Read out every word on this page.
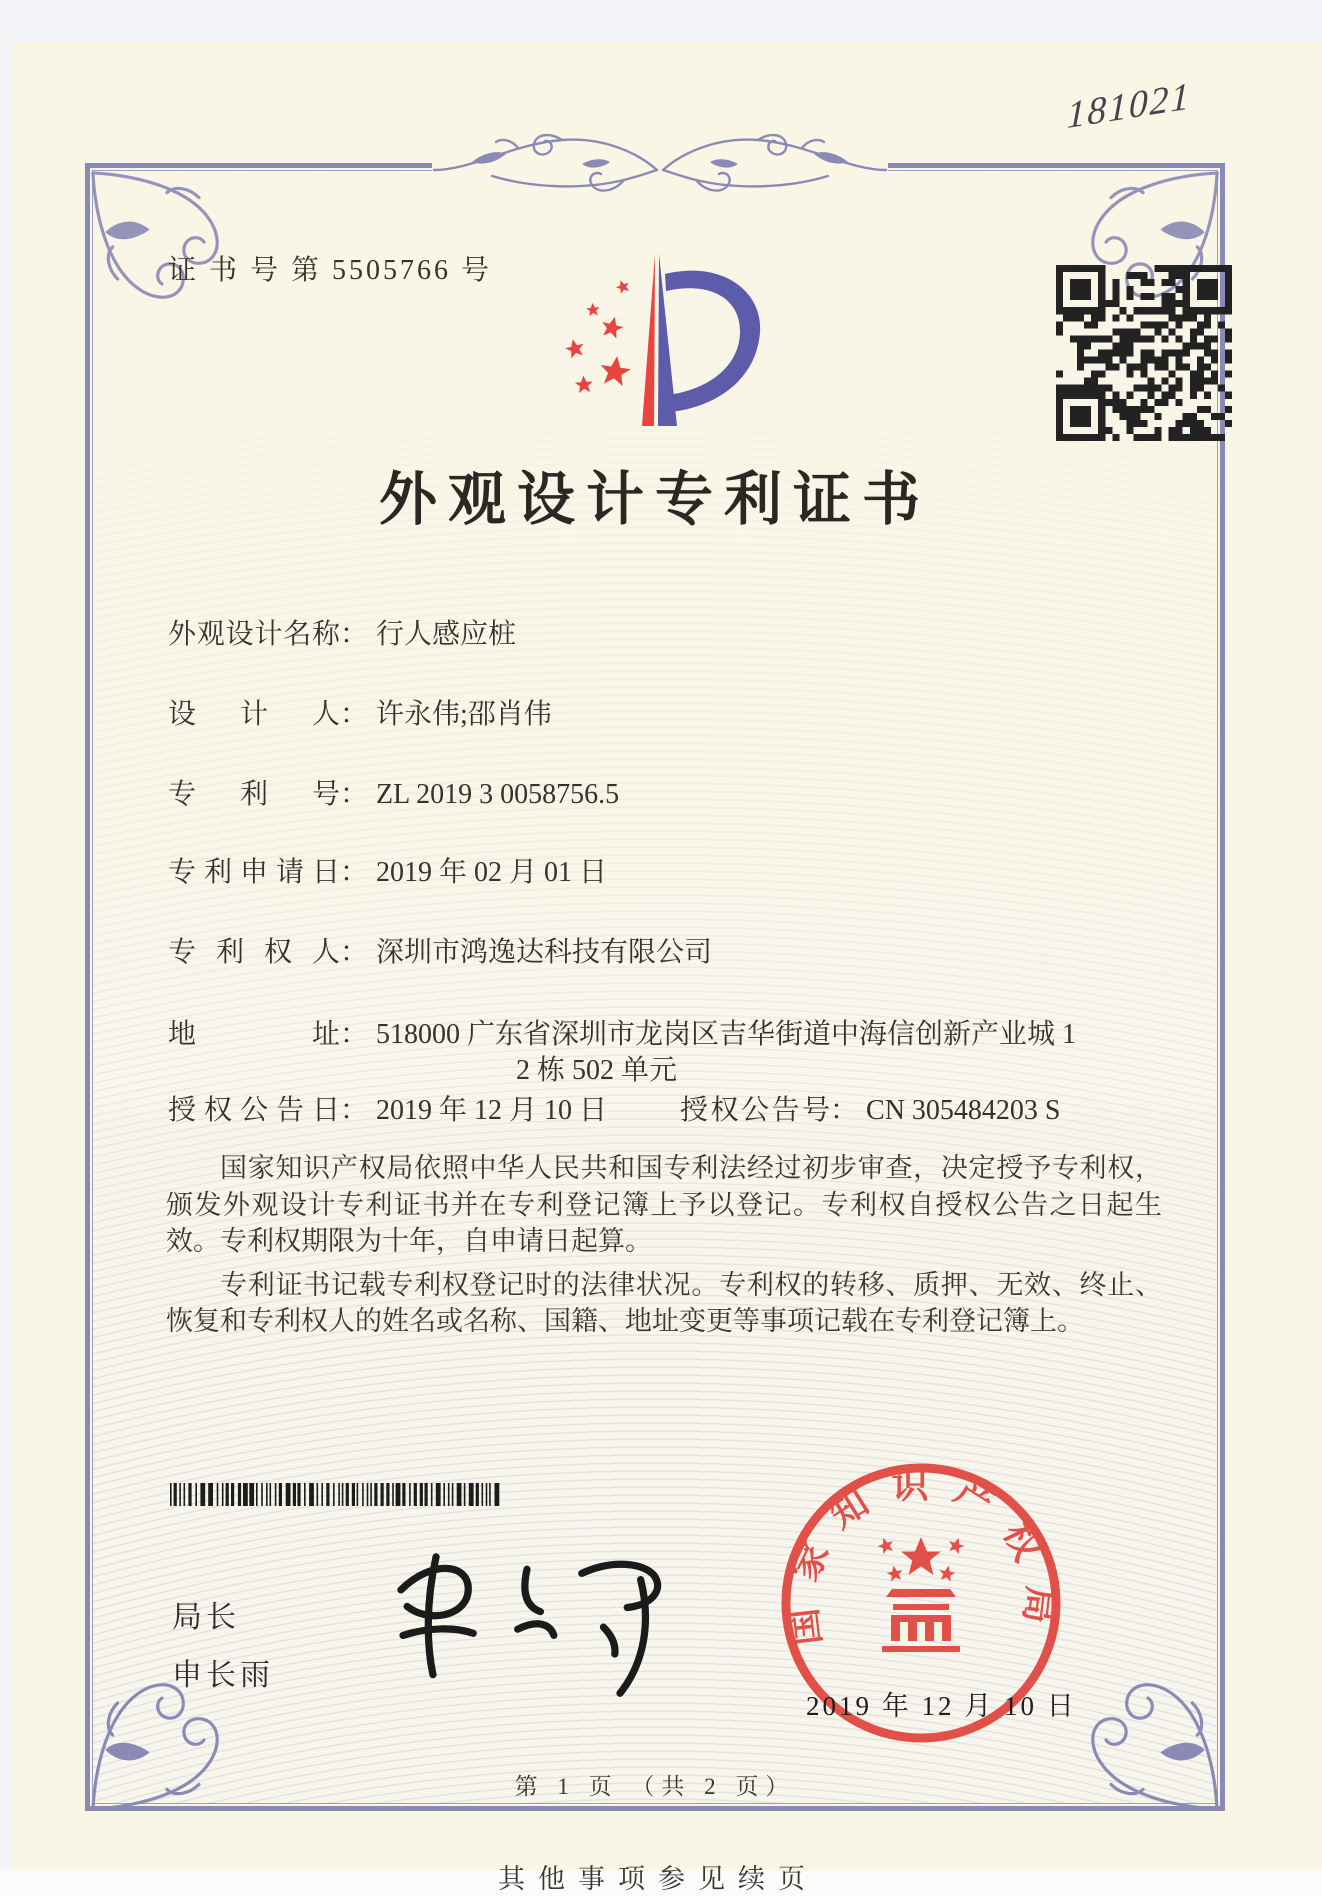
181021
证 书 号 第 5505766 号
外观设计专利证书
外观设计名称： 行人感应桩
设计人： 许永伟;邵肖伟
专利号： ZL 2019 3 0058756.5
专利申请日： 2019 年 02 月 01 日
专利权人： 深圳市鸿逸达科技有限公司
地址： 518000 广东省深圳市龙岗区吉华街道中海信创新产业城 1
2 栋 502 单元
授权公告日： 2019 年 12 月 10 日	授权公告号： CN 305484203 S

国家知识产权局依照中华人民共和国专利法经过初步审查，决定授予专利权，颁发外观设计专利证书并在专利登记簿上予以登记。专利权自授权公告之日起生效。专利权期限为十年，自申请日起算。

专利证书记载专利权登记时的法律状况。专利权的转移、质押、无效、终止、恢复和专利权人的姓名或名称、国籍、地址变更等事项记载在专利登记簿上。

局长
申长雨
国家知识产权局
2019 年 12 月 10 日
第 1 页 （共 2 页）
其他事项参见续页
